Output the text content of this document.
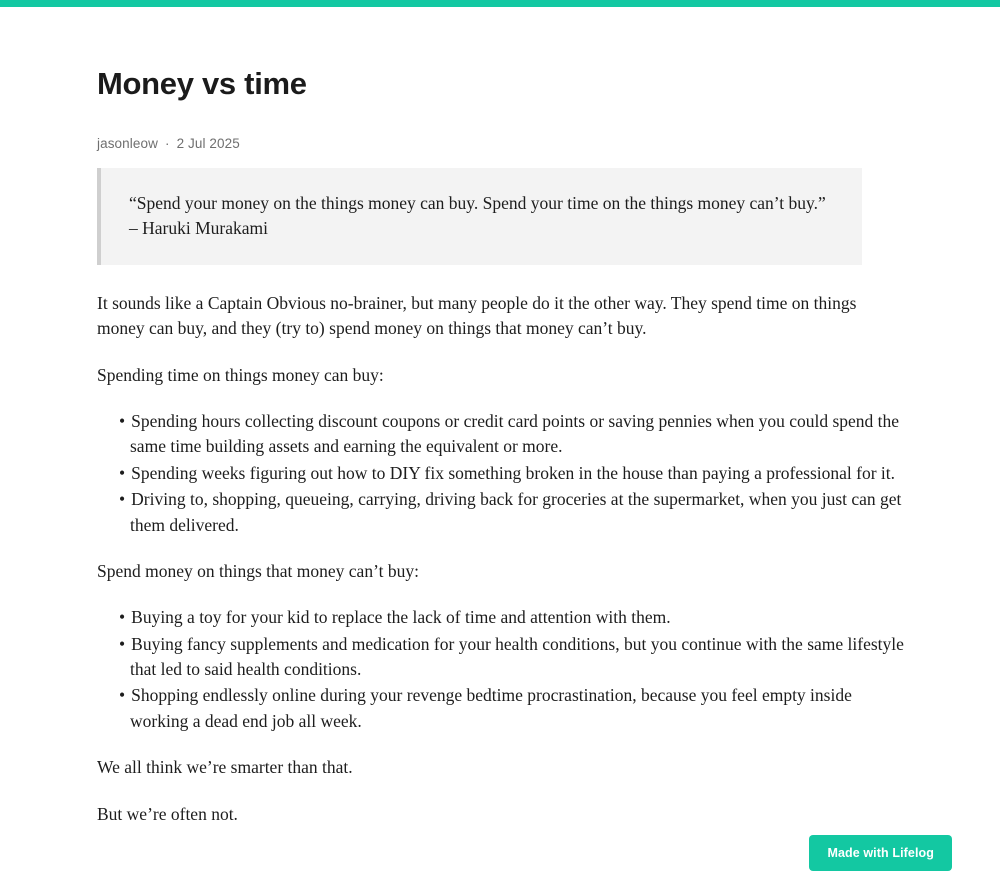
Money vs time
jasonleow · 2 Jul 2025
“Spend your money on the things money can buy. Spend your time on the things money can’t buy.” – Haruki Murakami

It sounds like a Captain Obvious no-brainer, but many people do it the other way. They spend time on things money can buy, and they (try to) spend money on things that money can’t buy.

Spending time on things money can buy:

• Spending hours collecting discount coupons or credit card points or saving pennies when you could spend the same time building assets and earning the equivalent or more.
• Spending weeks figuring out how to DIY fix something broken in the house than paying a professional for it.
• Driving to, shopping, queueing, carrying, driving back for groceries at the supermarket, when you just can get them delivered.

Spend money on things that money can’t buy:

• Buying a toy for your kid to replace the lack of time and attention with them.
• Buying fancy supplements and medication for your health conditions, but you continue with the same lifestyle that led to said health conditions.
• Shopping endlessly online during your revenge bedtime procrastination, because you feel empty inside working a dead end job all week.

We all think we’re smarter than that.

But we’re often not.

Made with Lifelog
